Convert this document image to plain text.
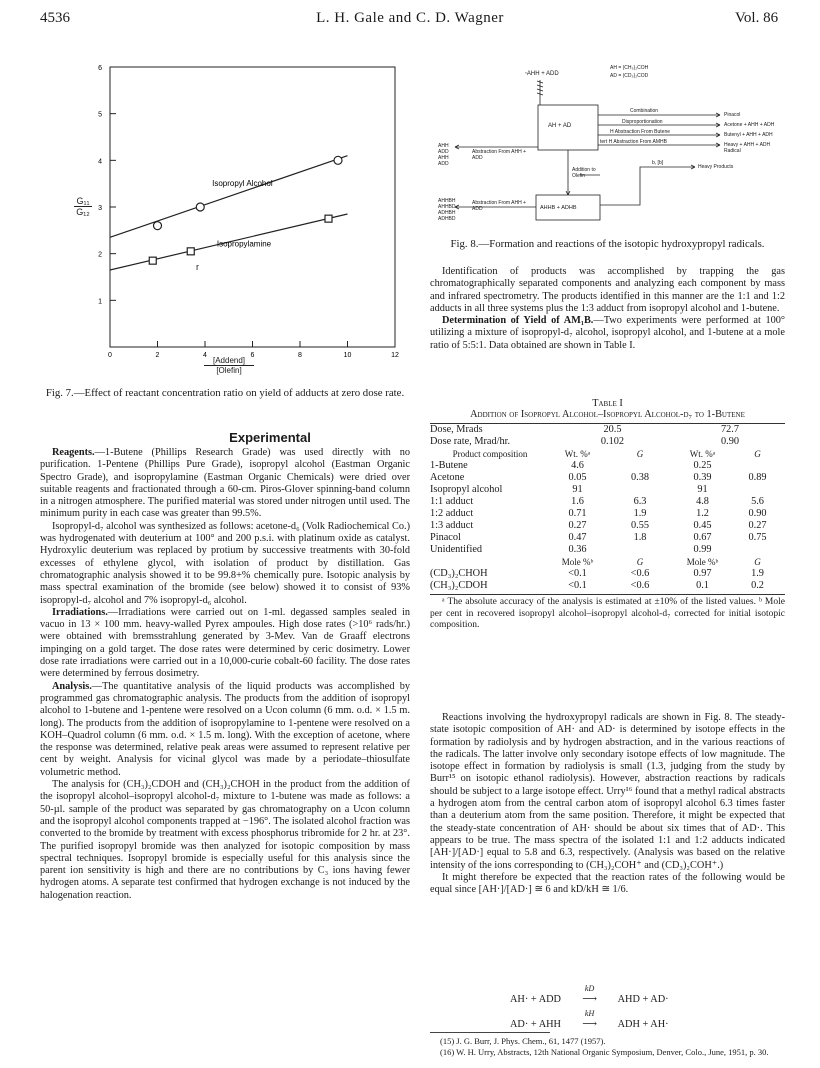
4536	L. H. Gale and C. D. Wagner	Vol. 86
1
2
3
4
5
6
0	2	4	6	8	10	12
Isopropyl Alcohol
Isopropylamine
r
[Addend]
[Olefin]
G₁₁
G₁₂
Fig. 7.—Effect of reactant concentration ratio on yield of adducts at zero dose rate.
ꞏAHH + ADD
AH = (CH₃)₂COH
AD = (CD₃)₂COD
AH + AD
AHHB + ADHB
Combination
Pinacol
Disproportionation	Acetone + AHH + ADH
H Abstraction From Butene	Butenyl + AHH + ADH
tert H Abstraction From AMHB	Heavy + AHH + ADH Radical
AHH
ADD
AHH
ADD
Abstraction From AHH + ADD
Addition to Olefin
b, [b]
Heavy Products
AHHBH
AHHBD
ADHBH
ADHBD
Abstraction From AHH + ADD
Fig. 8.—Formation and reactions of the isotopic hydroxypropyl radicals.
Experimental

Reagents.—1-Butene (Phillips Research Grade) was used directly with no purification. 1-Pentene (Phillips Pure Grade), isopropyl alcohol (Eastman Organic Spectro Grade), and isopropylamine (Eastman Organic Chemicals) were dried over suitable reagents and fractionated through a 60-cm. Piros-Glover spinning-band column in a nitrogen atmosphere. The purified material was stored under nitrogen until used. The minimum purity in each case was greater than 99.5%.

Isopropyl-d₇ alcohol was synthesized as follows: acetone-d₆ (Volk Radiochemical Co.) was hydrogenated with deuterium at 100° and 200 p.s.i. with platinum oxide as catalyst. Hydroxylic deuterium was replaced by protium by successive treatments with 30-fold excesses of ethylene glycol, with isolation of product by distillation. Gas chromatographic analysis showed it to be 99.8+% chemically pure. Isotopic analysis by mass spectral examination of the bromide (see below) showed it to consist of 93% isopropyl-d₇ alcohol and 7% isopropyl-d₆ alcohol.

Irradiations.—Irradiations were carried out on 1-ml. degassed samples sealed in vacuo in 13 × 100 mm. heavy-walled Pyrex ampoules. High dose rates (>10⁶ rads/hr.) were obtained with bremsstrahlung generated by 3-Mev. Van de Graaff electrons impinging on a gold target. The dose rates were determined by ceric dosimetry. Lower dose rate irradiations were carried out in a 10,000-curie cobalt-60 facility. The dose rates were determined by ferrous dosimetry.

Analysis.—The quantitative analysis of the liquid products was accomplished by programmed gas chromatographic analysis. The products from the addition of isopropyl alcohol to 1-butene and 1-pentene were resolved on a Ucon column (6 mm. o.d. × 1.5 m. long). The products from the addition of isopropylamine to 1-pentene were resolved on a KOH–Quadrol column (6 mm. o.d. × 1.5 m. long). With the exception of acetone, where the response was determined, relative peak areas were assumed to represent relative per cent by weight. Analysis for vicinal glycol was made by a periodate–thiosulfate volumetric method.

The analysis for (CH₃)₂CDOH and (CH₃)₂CHOH in the product from the addition of the isopropyl alcohol–isopropyl alcohol-d₇ mixture to 1-butene was made as follows: a 50-µl. sample of the product was separated by gas chromatography on a Ucon column and the isopropyl alcohol components trapped at −196°. The isolated alcohol fraction was converted to the bromide by treatment with excess phosphorus tribromide for 2 hr. at 23°. The purified isopropyl bromide was then analyzed for isotopic composition by mass spectral techniques. Isopropyl bromide is especially useful for this analysis since the parent ion sensitivity is high and there are no contributions by C₃ ions having fewer hydrogen atoms. A separate test confirmed that hydrogen exchange is not induced by the halogenation reaction.

Identification of products was accomplished by trapping the gas chromatographically separated components and analyzing each component by mass and infrared spectrometry. The products identified in this manner are the 1:1 and 1:2 adducts in all three systems plus the 1:3 adduct from isopropyl alcohol and 1-butene.

Determination of Yield of AM₁B.—Two experiments were performed at 100° utilizing a mixture of isopropyl-d₇ alcohol, isopropyl alcohol, and 1-butene at a mole ratio of 5:5:1. Data obtained are shown in Table I.

Table I
Addition of Isopropyl Alcohol–Isopropyl Alcohol-d₇ to 1-Butene
Dose, Mrads	20.5		72.7	
Dose rate, Mrad/hr.	0.102		0.90	
Product composition	Wt. %ᵃ	G	Wt. %ᵃ	G
1-Butene	4.6		0.25	
Acetone	0.05	0.38	0.39	0.89
Isopropyl alcohol	91		91	
1:1 adduct	1.6	6.3	4.8	5.6
1:2 adduct	0.71	1.9	1.2	0.90
1:3 adduct	0.27	0.55	0.45	0.27
Pinacol	0.47	1.8	0.67	0.75
Unidentified	0.36		0.99	
	Mole %ᵇ	G	Mole %ᵇ	G
(CD₃)₂CHOH	<0.1	<0.6	0.97	1.9
(CH₃)₂CDOH	<0.1	<0.6	0.1	0.2

ᵃ The absolute accuracy of the analysis is estimated at ±10% of the listed values. ᵇ Mole per cent in recovered isopropyl alcohol–isopropyl alcohol-d₇ corrected for initial isotopic composition.

Reactions involving the hydroxypropyl radicals are shown in Fig. 8. The steady-state isotopic composition of AH· and AD· is determined by isotope effects in the formation by radiolysis and by hydrogen abstraction, and in the various reactions of the radicals. The latter involve only secondary isotope effects of low magnitude. The isotope effect in formation by radiolysis is small (1.3, judging from the study by Burr¹⁵ on isotopic ethanol radiolysis). However, abstraction reactions by radicals should be subject to a large isotope effect. Urry¹⁶ found that a methyl radical abstracts a hydrogen atom from the central carbon atom of isopropyl alcohol 6.3 times faster than a deuterium atom from the same position. Therefore, it might be expected that the steady-state concentration of AH· should be about six times that of AD·. This appears to be true. The mass spectra of the isolated 1:1 and 1:2 adducts indicated [AH·]/[AD·] equal to 5.8 and 6.3, respectively. (Analysis was based on the relative intensity of the ions corresponding to (CH₃)₂COH⁺ and (CD₃)₂COH⁺.)

It might therefore be expected that the reaction rates of the following would be equal since [AH·]/[AD·] ≅ 6 and kD/kH ≅ 1/6.

AH· + ADD
kD
⟶ AHD + AD·
AD· + AHH
kH
⟶ ADH + AH·
(15) J. G. Burr, J. Phys. Chem., 61, 1477 (1957).
(16) W. H. Urry, Abstracts, 12th National Organic Symposium, Denver, Colo., June, 1951, p. 30.
